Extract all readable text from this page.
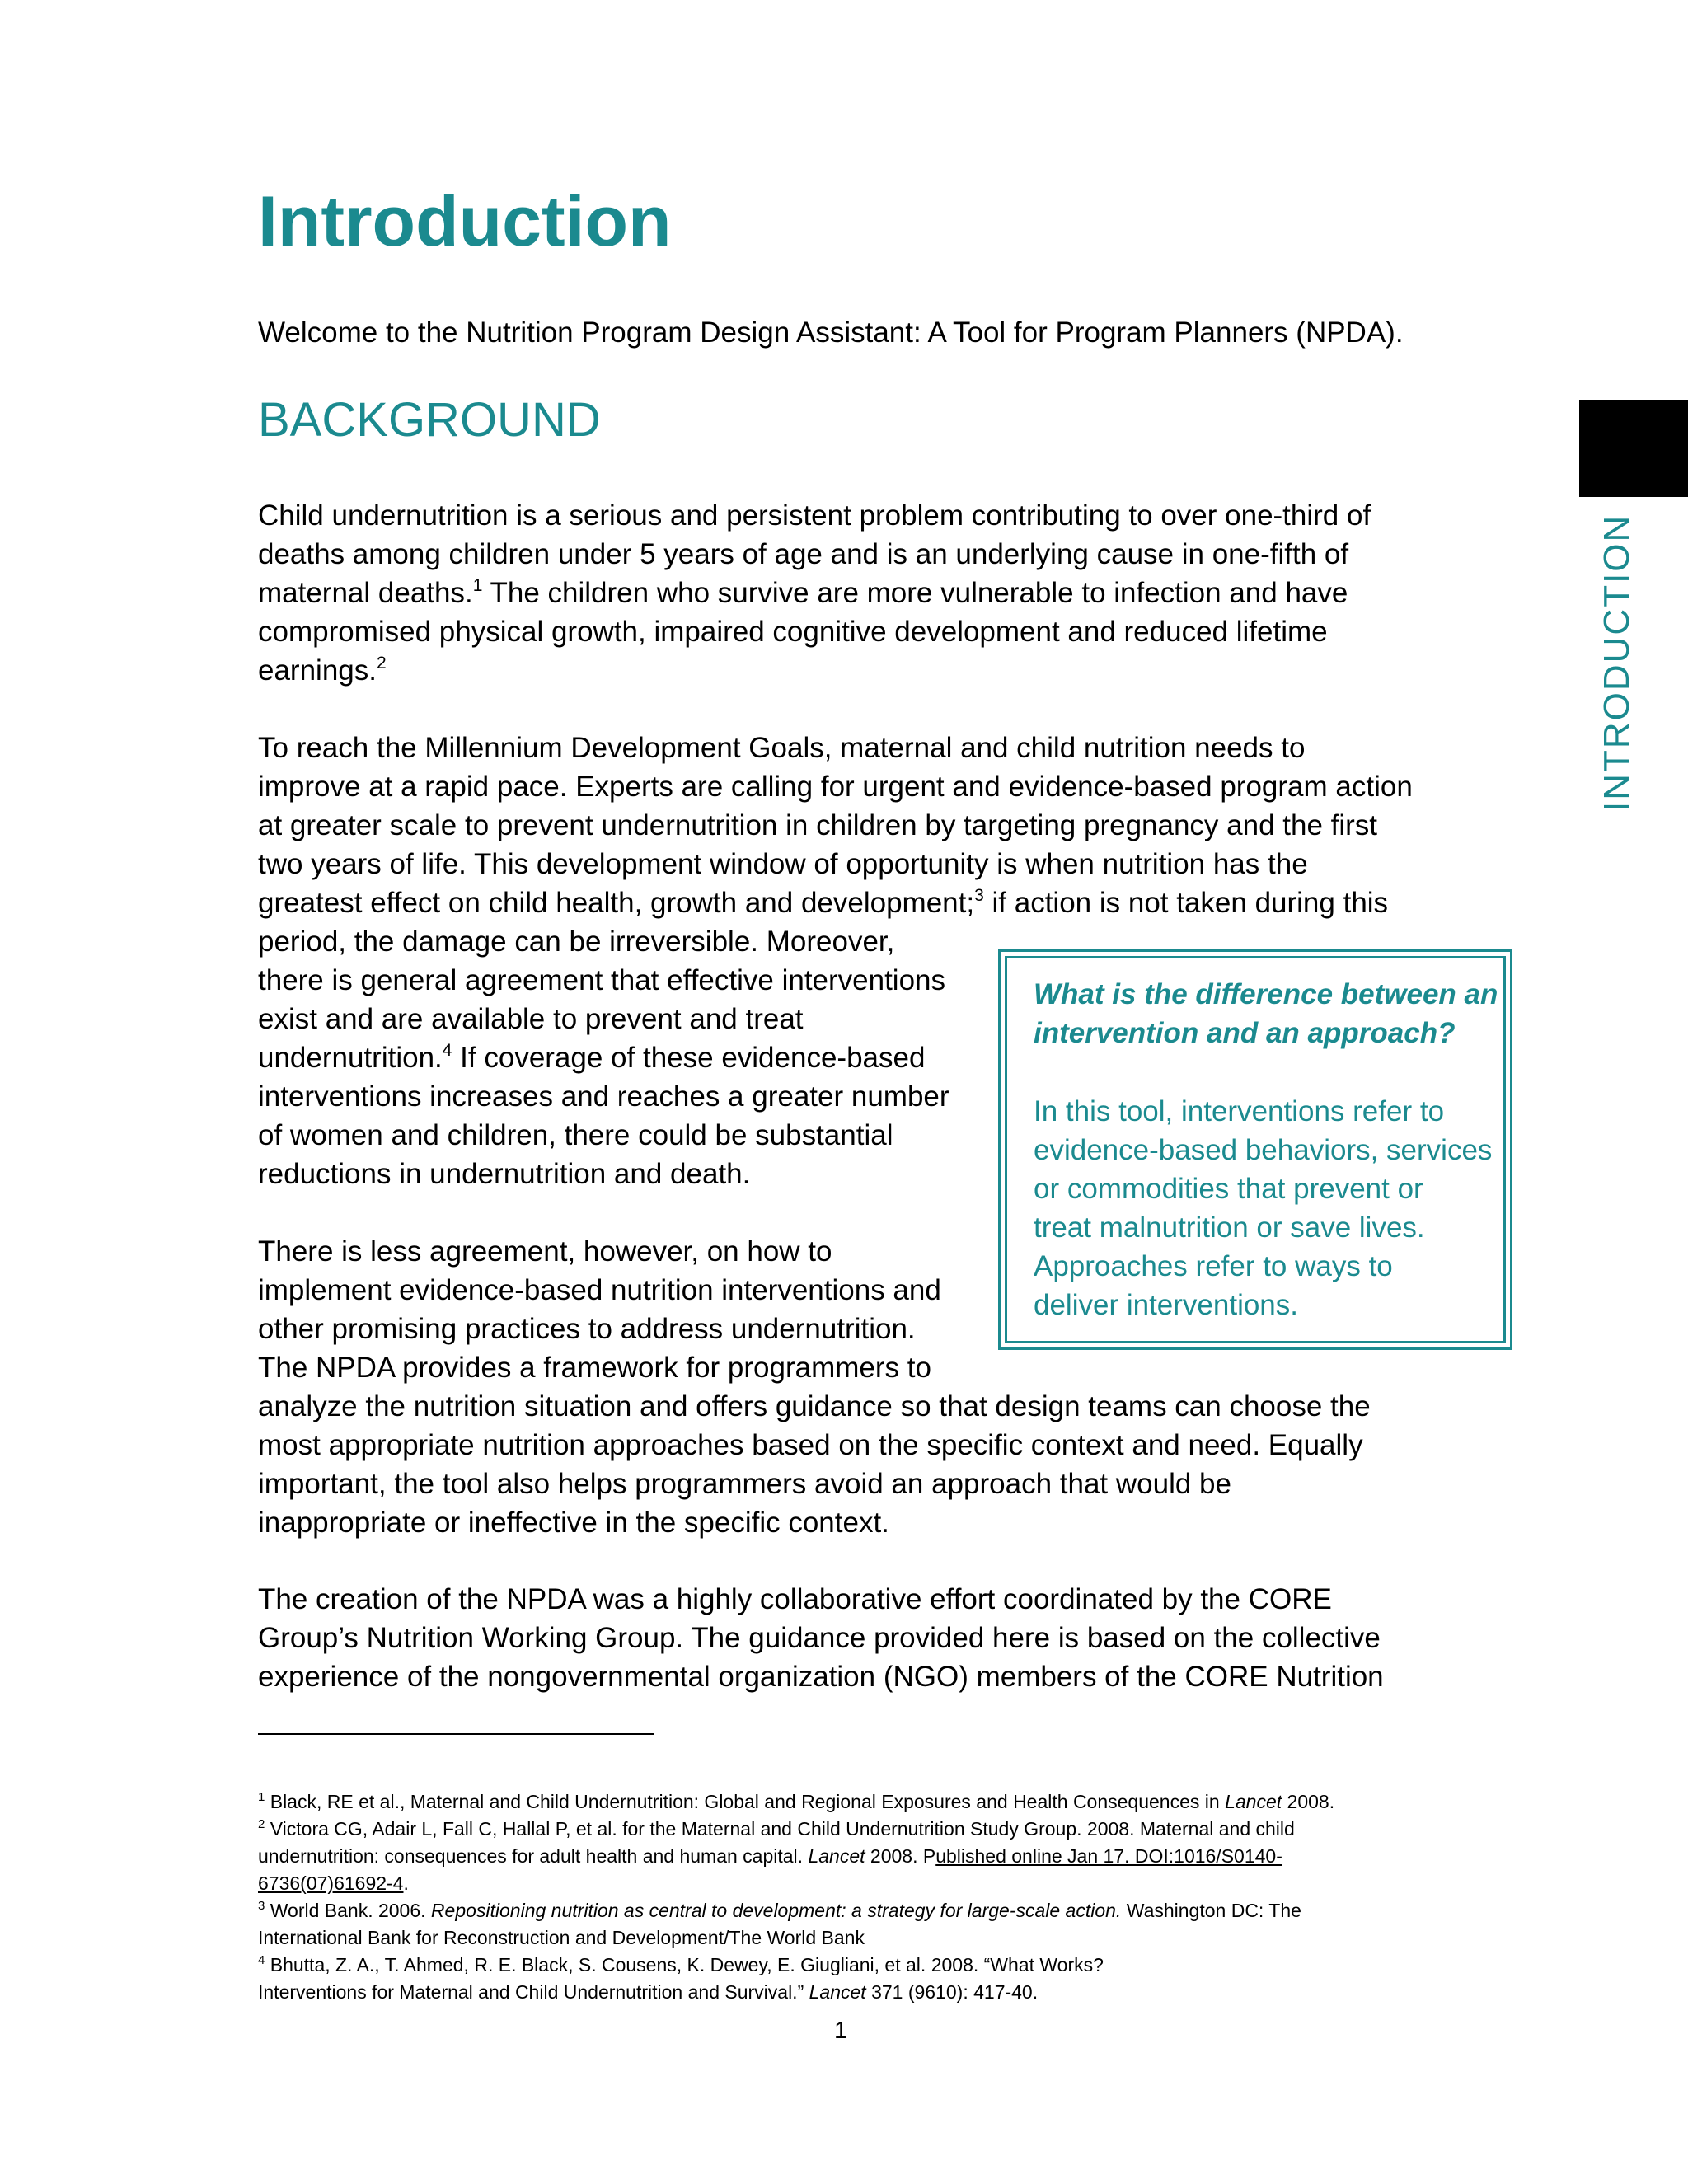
Introduction
Welcome to the Nutrition Program Design Assistant: A Tool for Program Planners (NPDA).
BACKGROUND
INTRODUCTION

Child undernutrition is a serious and persistent problem contributing to over one-third of
deaths among children under 5 years of age and is an underlying cause in one-fifth of
maternal deaths.$^1$ The children who survive are more vulnerable to infection and have
compromised physical growth, impaired cognitive development and reduced lifetime
earnings.$^2$

To reach the Millennium Development Goals, maternal and child nutrition needs to
improve at a rapid pace. Experts are calling for urgent and evidence-based program action
at greater scale to prevent undernutrition in children by targeting pregnancy and the first
two years of life. This development window of opportunity is when nutrition has the
greatest effect on child health, growth and development;$^3$ if action is not taken during this
period, the damage can be irreversible. Moreover,
there is general agreement that effective interventions
exist and are available to prevent and treat
undernutrition.$^4$ If coverage of these evidence-based
interventions increases and reaches a greater number
of women and children, there could be substantial
reductions in undernutrition and death.

What is the difference between an
intervention and an approach?

In this tool, interventions refer to
evidence-based behaviors, services
or commodities that prevent or
treat malnutrition or save lives.
Approaches refer to ways to
deliver interventions.

There is less agreement, however, on how to
implement evidence-based nutrition interventions and
other promising practices to address undernutrition.
The NPDA provides a framework for programmers to
analyze the nutrition situation and offers guidance so that design teams can choose the
most appropriate nutrition approaches based on the specific context and need. Equally
important, the tool also helps programmers avoid an approach that would be
inappropriate or ineffective in the specific context.

The creation of the NPDA was a highly collaborative effort coordinated by the CORE
Group’s Nutrition Working Group. The guidance provided here is based on the collective
experience of the nongovernmental organization (NGO) members of the CORE Nutrition

$^1$ Black, RE et al., Maternal and Child Undernutrition: Global and Regional Exposures and Health Consequences in Lancet 2008.
$^2$ Victora CG, Adair L, Fall C, Hallal P, et al. for the Maternal and Child Undernutrition Study Group. 2008. Maternal and child
undernutrition: consequences for adult health and human capital. Lancet 2008. Published online Jan 17. DOI:1016/S0140-
6736(07)61692-4.
$^3$ World Bank. 2006. Repositioning nutrition as central to development: a strategy for large-scale action. Washington DC: The
International Bank for Reconstruction and Development/The World Bank
$^4$ Bhutta, Z. A., T. Ahmed, R. E. Black, S. Cousens, K. Dewey, E. Giugliani, et al. 2008. “What Works?
Interventions for Maternal and Child Undernutrition and Survival.” Lancet 371 (9610): 417-40.
1
